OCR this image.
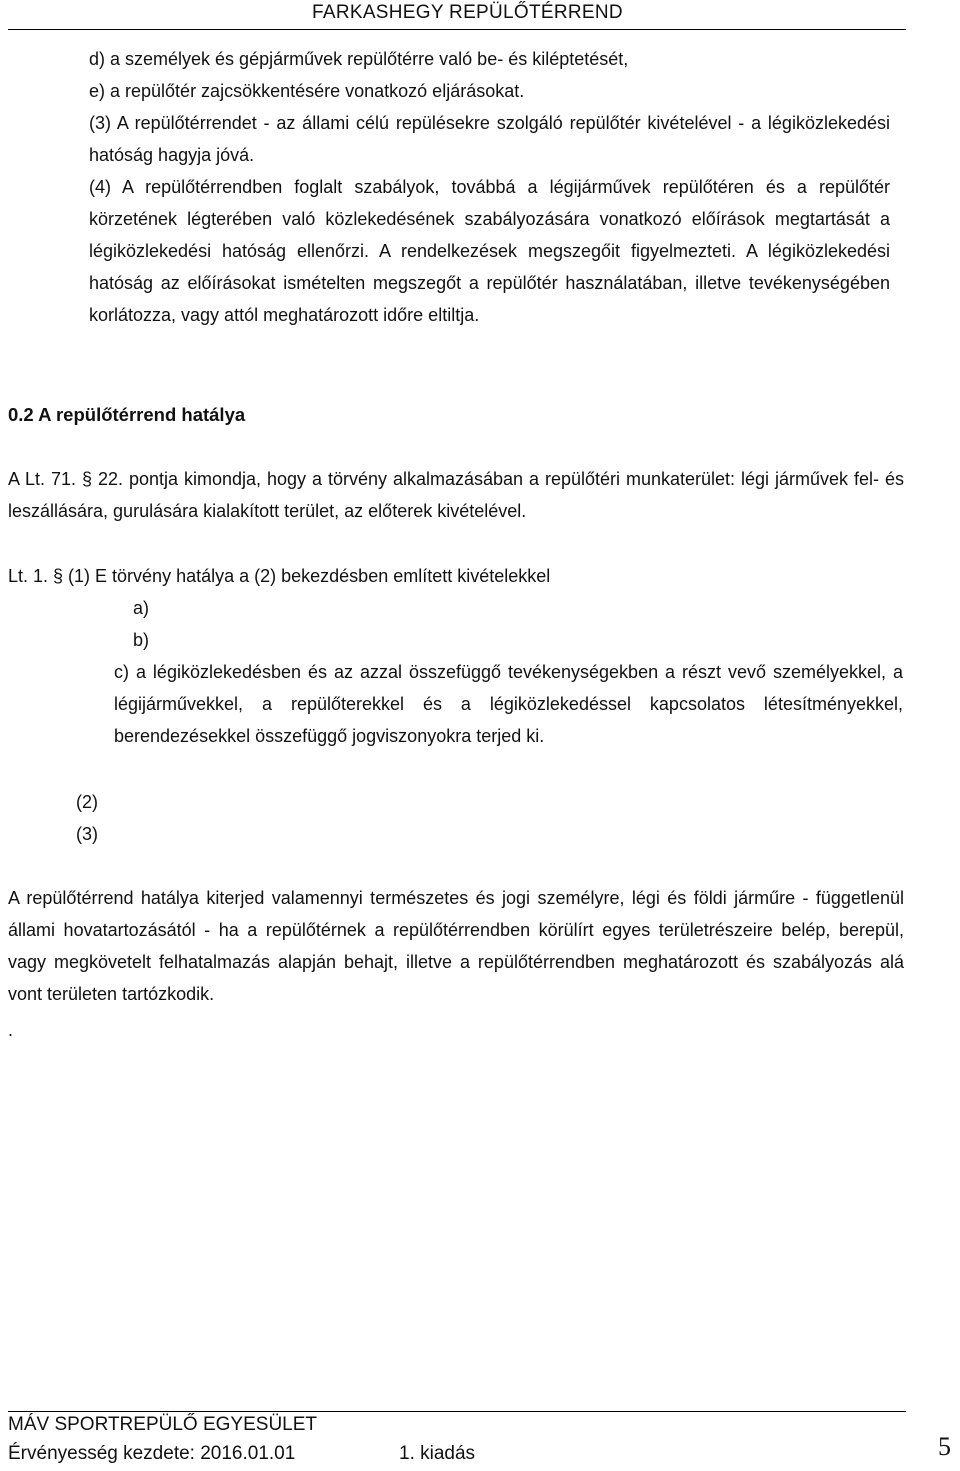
FARKASHEGY REPÜLŐTÉRREND
d) a személyek és gépjárművek repülőtérre való be- és kiléptetését,
e) a repülőtér zajcsökkentésére vonatkozó eljárásokat.
(3) A repülőtérrendet - az állami célú repülésekre szolgáló repülőtér kivételével - a légiközlekedési hatóság hagyja jóvá.
(4) A repülőtérrendben foglalt szabályok, továbbá a légijárművek repülőtéren és a repülőtér körzetének légterében való közlekedésének szabályozására vonatkozó előírások megtartását a légiközlekedési hatóság ellenőrzi. A rendelkezések megszegőit figyelmezteti. A légiközlekedési hatóság az előírásokat ismételten megszegőt a repülőtér használatában, illetve tevékenységében korlátozza, vagy attól meghatározott időre eltiltja.
0.2 A repülőtérrend hatálya
A Lt. 71. § 22. pontja kimondja, hogy a törvény alkalmazásában a repülőtéri munkaterület: légi járművek fel- és leszállására, gurulására kialakított terület, az előterek kivételével.
Lt. 1. § (1) E törvény hatálya a (2) bekezdésben említett kivételekkel
a)
b)
c) a légiközlekedésben és az azzal összefüggő tevékenységekben a részt vevő személyekkel, a légijárművekkel, a repülőterekkel és a légiközlekedéssel kapcsolatos létesítményekkel, berendezésekkel összefüggő jogviszonyokra terjed ki.
(2)
(3)
A repülőtérrend hatálya kiterjed valamennyi természetes és jogi személyre, légi és földi járműre - függetlenül állami hovatartozásától - ha a repülőtérnek a repülőtérrendben körülírt egyes területrészeire belép, berepül, vagy megkövetelt felhatalmazás alapján behajt, illetve a repülőtérrendben meghatározott és szabályozás alá vont területen tartózkodik.
.
MÁV SPORTREPÜLŐ EGYESÜLET
Érvényesség kezdete: 2016.01.01	1. kiadás	5
